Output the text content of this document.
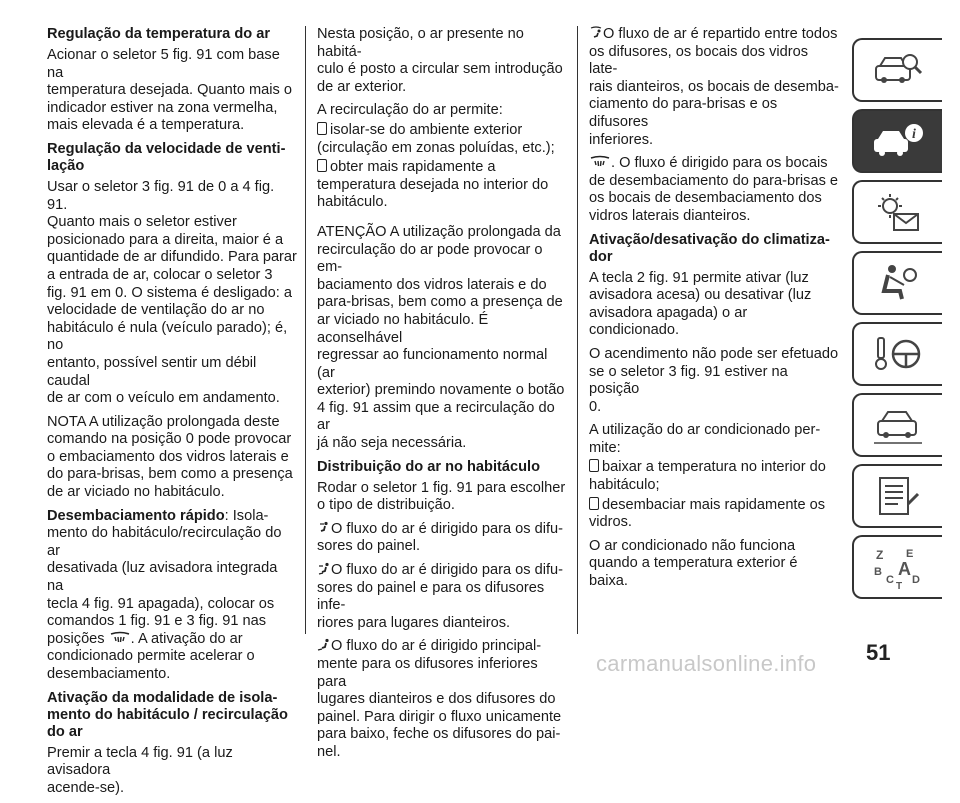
Regulação da temperatura do ar

Acionar o seletor 5 fig. 91 com base na
temperatura desejada. Quanto mais o
indicador estiver na zona vermelha,
mais elevada é a temperatura.

Regulação da velocidade de venti-
lação

Usar o seletor 3 fig. 91 de 0 a 4 fig. 91.
Quanto mais o seletor estiver
posicionado para a direita, maior é a
quantidade de ar difundido. Para parar
a entrada de ar, colocar o seletor 3
fig. 91 em 0. O sistema é desligado: a
velocidade de ventilação do ar no
habitáculo é nula (veículo parado); é, no
entanto, possível sentir um débil caudal
de ar com o veículo em andamento.

NOTA A utilização prolongada deste
comando na posição 0 pode provocar
o embaciamento dos vidros laterais e
do para-brisas, bem como a presença
de ar viciado no habitáculo.

Desembaciamento rápido: Isola-
mento do habitáculo/recirculação do ar
desativada (luz avisadora integrada na
tecla 4 fig. 91 apagada), colocar os
comandos 1 fig. 91 e 3 fig. 91 nas
posições . A ativação do ar
condicionado permite acelerar o
desembaciamento.

Ativação da modalidade de isola-
mento do habitáculo / recirculação
do ar

Premir a tecla 4 fig. 91 (a luz avisadora
acende-se).

Nesta posição, o ar presente no habitá-
culo é posto a circular sem introdução
de ar exterior.

A recirculação do ar permite:

isolar-se do ambiente exterior
(circulação em zonas poluídas, etc.);

obter mais rapidamente a
temperatura desejada no interior do
habitáculo.

ATENÇÃO A utilização prolongada da
recirculação do ar pode provocar o em-
baciamento dos vidros laterais e do
para-brisas, bem como a presença de
ar viciado no habitáculo. É aconselhável
regressar ao funcionamento normal (ar
exterior) premindo novamente o botão
4 fig. 91 assim que a recirculação do ar
já não seja necessária.

Distribuição do ar no habitáculo

Rodar o seletor 1 fig. 91 para escolher
o tipo de distribuição.

O fluxo do ar é dirigido para os difu-
sores do painel.

O fluxo do ar é dirigido para os difu-
sores do painel e para os difusores infe-
riores para lugares dianteiros.

O fluxo do ar é dirigido principal-
mente para os difusores inferiores para
lugares dianteiros e dos difusores do
painel. Para dirigir o fluxo unicamente
para baixo, feche os difusores do pai-
nel.

O fluxo de ar é repartido entre todos
os difusores, os bocais dos vidros late-
rais dianteiros, os bocais de desemba-
ciamento do para-brisas e os difusores
inferiores.

. O fluxo é dirigido para os bocais
de desembaciamento do para-brisas e
os bocais de desembaciamento dos
vidros laterais dianteiros.

Ativação/desativação do climatiza-
dor

A tecla 2 fig. 91 permite ativar (luz
avisadora acesa) ou desativar (luz
avisadora apagada) o ar condicionado.

O acendimento não pode ser efetuado
se o seletor 3 fig. 91 estiver na posição
0.

A utilização do ar condicionado per-
mite:

baixar a temperatura no interior do
habitáculo;

desembaciar mais rapidamente os
vidros.

O ar condicionado não funciona
quando a temperatura exterior é baixa.

i
Z E
B A
C D
T
51
carmanualsonline.info
